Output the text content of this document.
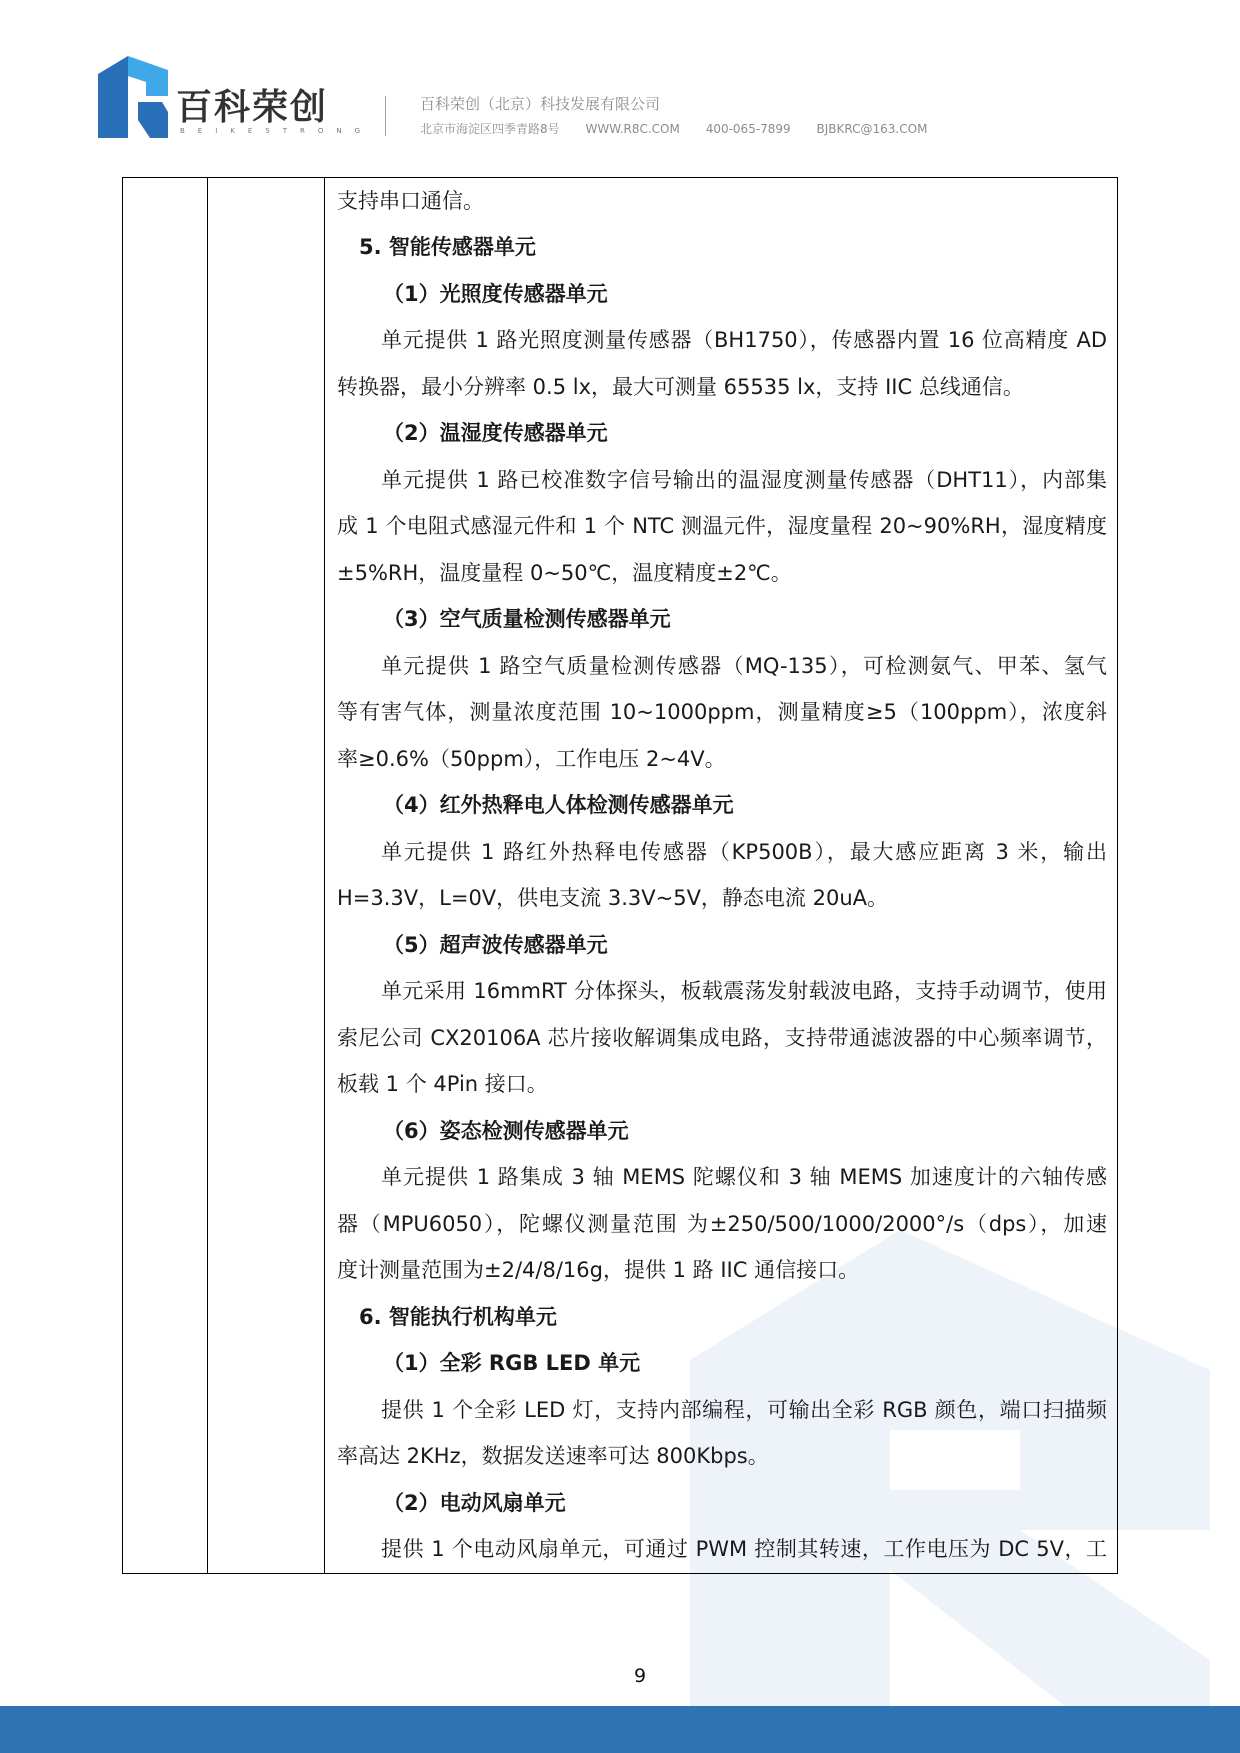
百科荣创
BEIKESTRONG
百科荣创（北京）科技发展有限公司
北京市海淀区四季青路8号 WWW.R8C.COM 400-065-7899 BJBKRC@163.COM
支持串口通信。
5. 智能传感器单元
（1）光照度传感器单元
单元提供 1 路光照度测量传感器（BH1750），传感器内置 16 位高精度 AD
转换器，最小分辨率 0.5 lx，最大可测量 65535 lx，支持 IIC 总线通信。
（2）温湿度传感器单元
单元提供 1 路已校准数字信号输出的温湿度测量传感器（DHT11），内部集
成 1 个电阻式感湿元件和 1 个 NTC 测温元件，湿度量程 20~90%RH，湿度精度
±5%RH，温度量程 0~50℃，温度精度±2℃。
（3）空气质量检测传感器单元
单元提供 1 路空气质量检测传感器（MQ-135），可检测氨气、甲苯、氢气
等有害气体，测量浓度范围 10~1000ppm，测量精度≥5（100ppm），浓度斜
率≥0.6%（50ppm），工作电压 2~4V。
（4）红外热释电人体检测传感器单元
单元提供 1 路红外热释电传感器（KP500B），最大感应距离 3 米，输出
H=3.3V，L=0V，供电支流 3.3V~5V，静态电流 20uA。
（5）超声波传感器单元
单元采用 16mmRT 分体探头，板载震荡发射载波电路，支持手动调节，使用
索尼公司 CX20106A 芯片接收解调集成电路，支持带通滤波器的中心频率调节，
板载 1 个 4Pin 接口。
（6）姿态检测传感器单元
单元提供 1 路集成 3 轴 MEMS 陀螺仪和 3 轴 MEMS 加速度计的六轴传感
器（MPU6050），陀螺仪测量范围 为±250/500/1000/2000°/s（dps），加速
度计测量范围为±2/4/8/16g，提供 1 路 IIC 通信接口。
6. 智能执行机构单元
（1）全彩 RGB LED 单元
提供 1 个全彩 LED 灯，支持内部编程，可输出全彩 RGB 颜色，端口扫描频
率高达 2KHz，数据发送速率可达 800Kbps。
（2）电动风扇单元
提供 1 个电动风扇单元，可通过 PWM 控制其转速，工作电压为 DC 5V，工
9
